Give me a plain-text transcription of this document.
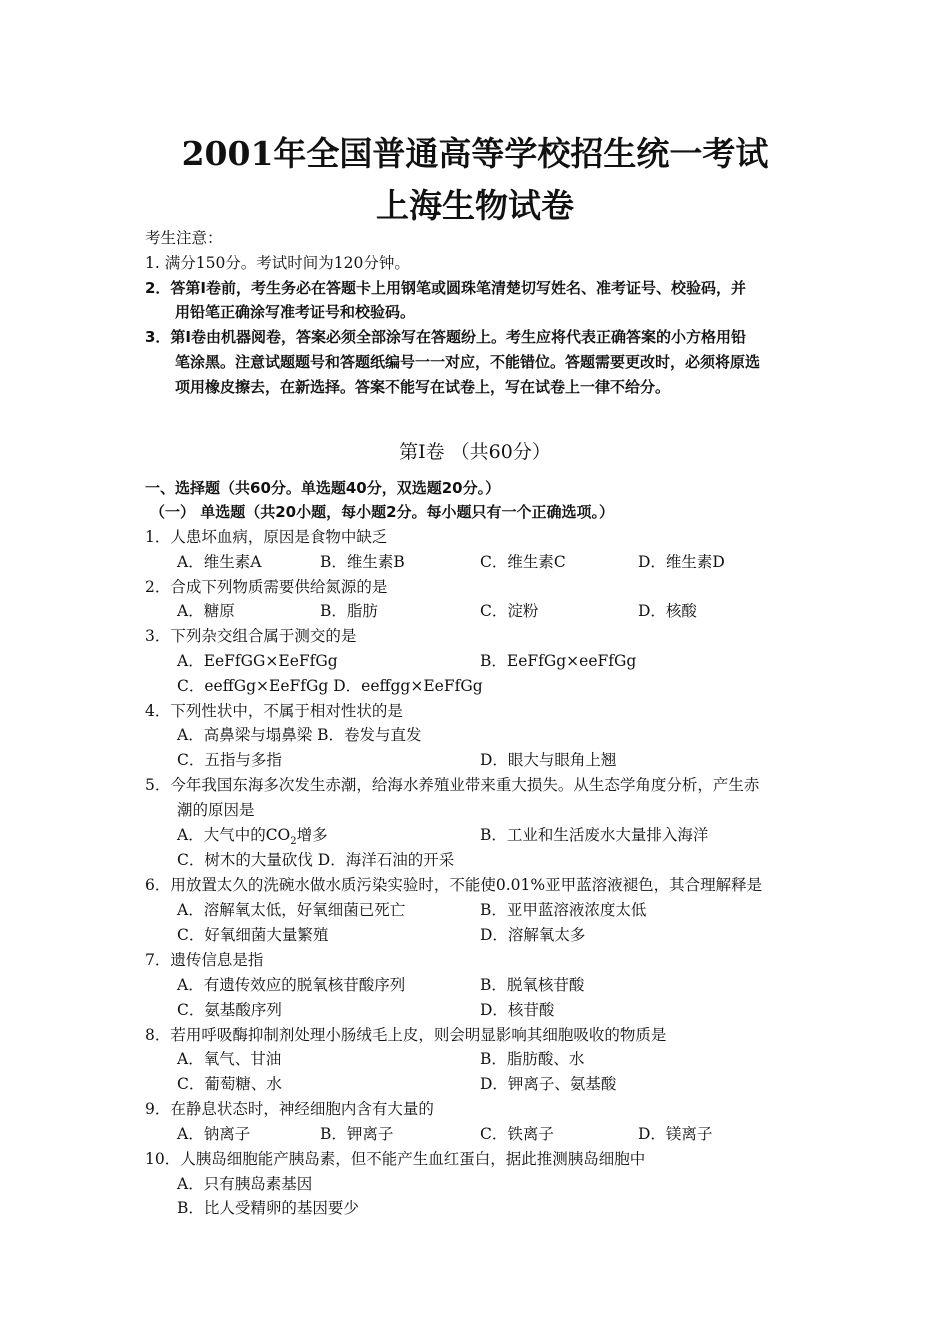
2001年全国普通高等学校招生统一考试
上海生物试卷
考生注意：
1. 满分150分。考试时间为120分钟。
2．答第Ⅰ卷前，考生务必在答题卡上用钢笔或圆珠笔清楚切写姓名、准考证号、校验码，并
用铅笔正确涂写准考证号和校验码。
3．第Ⅰ卷由机器阅卷，答案必须全部涂写在答题纷上。考生应将代表正确答案的小方格用铅
笔涂黑。注意试题题号和答题纸编号一一对应，不能错位。答题需要更改时，必须将原选
项用橡皮擦去，在新选择。答案不能写在试卷上，写在试卷上一律不给分。
第Ⅰ卷 （共60分）
一、选择题（共60分。单选题40分，双选题20分。）
（一） 单选题（共20小题，每小题2分。每小题只有一个正确选项。）
1．人患坏血病，原因是食物中缺乏
A．维生素A	B．维生素B	C．维生素C	D．维生素D
2．合成下列物质需要供给氮源的是
A．糖原	B．脂肪	C．淀粉	D．核酸
3．下列杂交组合属于测交的是
A．EeFfGG×EeFfGg	B．EeFfGg×eeFfGg
C．eeffGg×EeFfGg D．eeffgg×EeFfGg
4．下列性状中，不属于相对性状的是
A．高鼻梁与塌鼻梁 B．卷发与直发
C．五指与多指	D．眼大与眼角上翘
5．今年我国东海多次发生赤潮，给海水养殖业带来重大损失。从生态学角度分析，产生赤
潮的原因是
A．大气中的$CO_2$增多	B．工业和生活废水大量排入海洋
C．树木的大量砍伐 D．海洋石油的开采
6．用放置太久的洗碗水做水质污染实验时，不能使0.01%亚甲蓝溶液褪色，其合理解释是
A．溶解氧太低，好氧细菌已死亡	B．亚甲蓝溶液浓度太低
C．好氧细菌大量繁殖	D．溶解氧太多
7．遗传信息是指
A．有遗传效应的脱氧核苷酸序列	B．脱氧核苷酸
C．氨基酸序列	D．核苷酸
8．若用呼吸酶抑制剂处理小肠绒毛上皮，则会明显影响其细胞吸收的物质是
A．氧气、甘油	B．脂肪酸、水
C．葡萄糖、水	D．钾离子、氨基酸
9．在静息状态时，神经细胞内含有大量的
A．钠离子	B．钾离子	C．铁离子	D．镁离子
10．人胰岛细胞能产胰岛素，但不能产生血红蛋白，据此推测胰岛细胞中
A．只有胰岛素基因
B．比人受精卵的基因要少
